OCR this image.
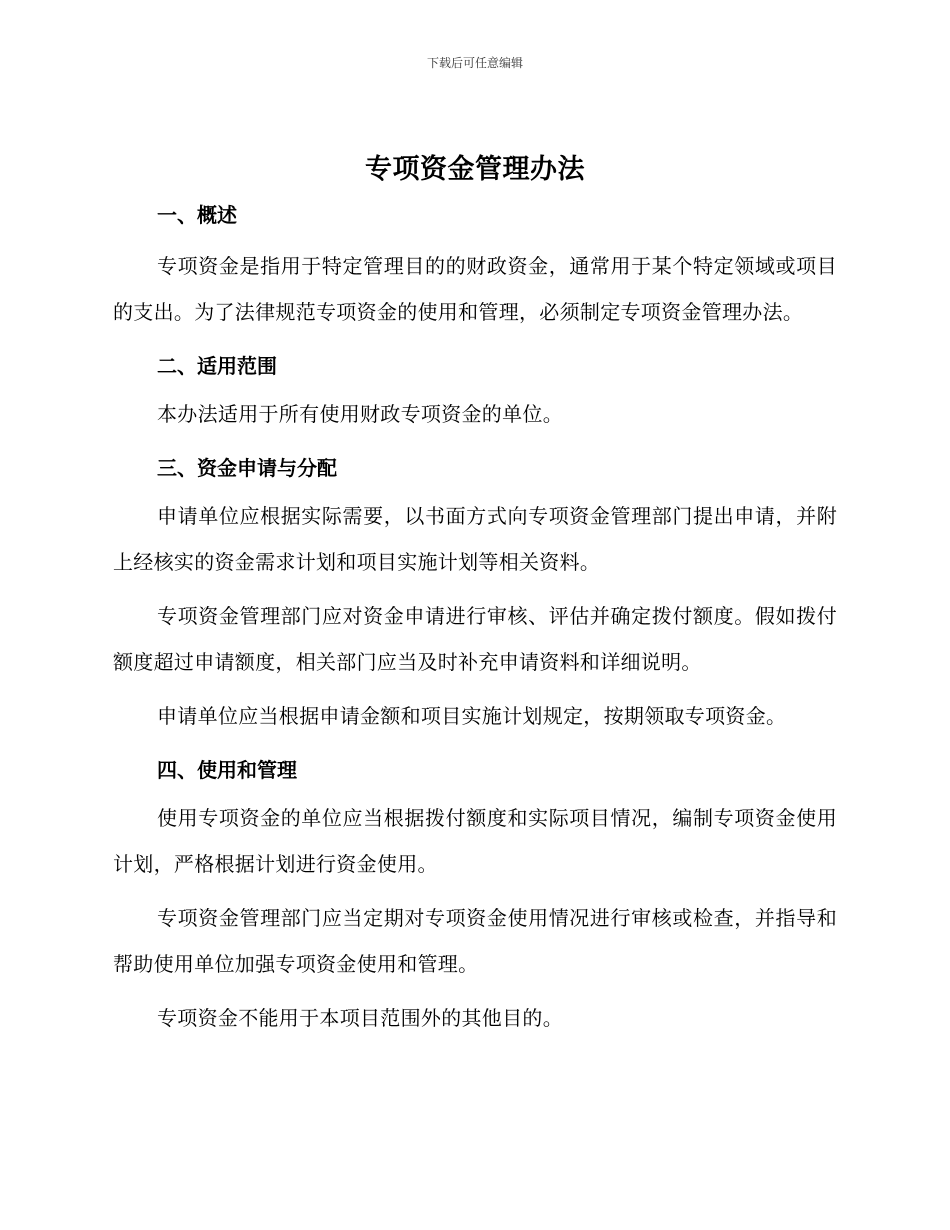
下载后可任意编辑
专项资金管理办法
一、概述

专项资金是指用于特定管理目的的财政资金，通常用于某个特定领域或项目的支出。为了法律规范专项资金的使用和管理，必须制定专项资金管理办法。

二、适用范围

本办法适用于所有使用财政专项资金的单位。

三、资金申请与分配

申请单位应根据实际需要，以书面方式向专项资金管理部门提出申请，并附上经核实的资金需求计划和项目实施计划等相关资料。

专项资金管理部门应对资金申请进行审核、评估并确定拨付额度。假如拨付额度超过申请额度，相关部门应当及时补充申请资料和详细说明。

申请单位应当根据申请金额和项目实施计划规定，按期领取专项资金。

四、使用和管理

使用专项资金的单位应当根据拨付额度和实际项目情况，编制专项资金使用计划，严格根据计划进行资金使用。

专项资金管理部门应当定期对专项资金使用情况进行审核或检查，并指导和帮助使用单位加强专项资金使用和管理。

专项资金不能用于本项目范围外的其他目的。
